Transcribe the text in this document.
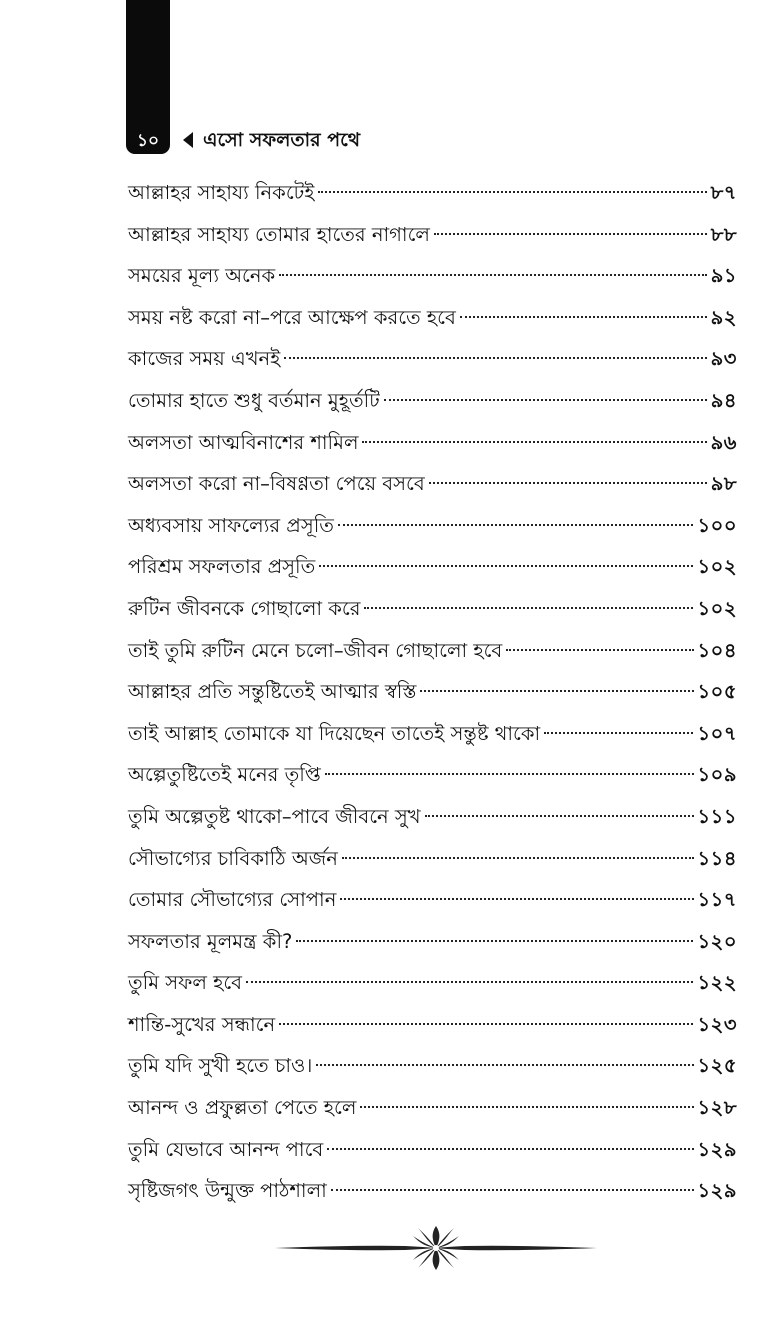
১০	এসো সফলতার পথে
আল্লাহর সাহায্য নিকটেই	৮৭
আল্লাহর সাহায্য তোমার হাতের নাগালে	৮৮
সময়ের মূল্য অনেক	৯১
সময় নষ্ট করো না–পরে আক্ষেপ করতে হবে	৯২
কাজের সময় এখনই	৯৩
তোমার হাতে শুধু বর্তমান মুহূর্তটি	৯৪
অলসতা আত্মবিনাশের শামিল	৯৬
অলসতা করো না–বিষণ্ণতা পেয়ে বসবে	৯৮
অধ্যবসায় সাফল্যের প্রসূতি	১০০
পরিশ্রম সফলতার প্রসূতি	১০২
রুটিন জীবনকে গোছালো করে	১০২
তাই তুমি রুটিন মেনে চলো–জীবন গোছালো হবে	১০৪
আল্লাহর প্রতি সন্তুষ্টিতেই আত্মার স্বস্তি	১০৫
তাই আল্লাহ তোমাকে যা দিয়েছেন তাতেই সন্তুষ্ট থাকো	১০৭
অল্পেতুষ্টিতেই মনের তৃপ্তি	১০৯
তুমি অল্পেতুষ্ট থাকো–পাবে জীবনে সুখ	১১১
সৌভাগ্যের চাবিকাঠি অর্জন	১১৪
তোমার সৌভাগ্যের সোপান	১১৭
সফলতার মূলমন্ত্র কী?	১২০
তুমি সফল হবে	১২২
শান্তি-সুখের সন্ধানে	১২৩
তুমি যদি সুখী হতে চাও।	১২৫
আনন্দ ও প্রফুল্লতা পেতে হলে	১২৮
তুমি যেভাবে আনন্দ পাবে	১২৯
সৃষ্টিজগৎ উন্মুক্ত পাঠশালা	১২৯
